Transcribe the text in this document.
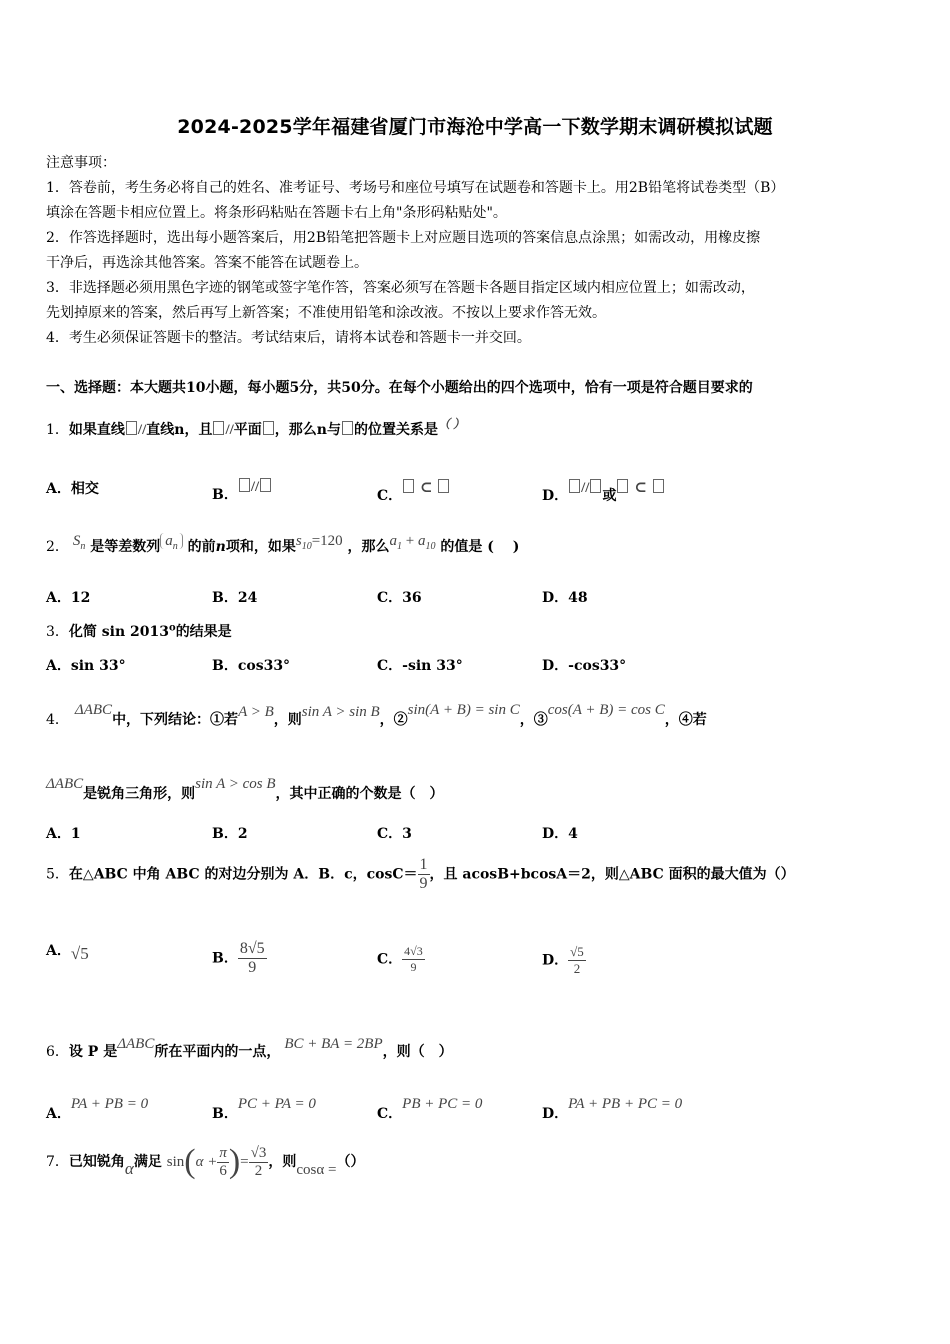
2024-2025学年福建省厦门市海沧中学高一下数学期末调研模拟试题
注意事项：
1．答卷前，考生务必将自己的姓名、准考证号、考场号和座位号填写在试题卷和答题卡上。用2B铅笔将试卷类型（B）
填涂在答题卡相应位置上。将条形码粘贴在答题卡右上角"条形码粘贴处"。
2．作答选择题时，选出每小题答案后，用2B铅笔把答题卡上对应题目选项的答案信息点涂黑；如需改动，用橡皮擦
干净后，再选涂其他答案。答案不能答在试题卷上。
3．非选择题必须用黑色字迹的钢笔或签字笔作答，答案必须写在答题卡各题目指定区域内相应位置上；如需改动，
先划掉原来的答案，然后再写上新答案；不准使用铅笔和涂改液。不按以上要求作答无效。
4．考生必须保证答题卡的整洁。考试结束后，请将本试卷和答题卡一并交回。
一、选择题：本大题共10小题，每小题5分，共50分。在每个小题给出的四个选项中，恰有一项是符合题目要求的
1．如果直线 //直线n，且 //平面 ，那么n与 的位置关系是（ ）
A．相交	B． //
C． ⊂	D． // 或 ⊂
2． $S_n$ 是等差数列 $a_n$ 的前n项和，如果$s_{10}=120$ ，那么$a_1 + a_{10}$ 的值是 (　 )
A．12	B．24	C．36	D．48
3．化简 sin 2013$^o$的结果是
A．sin 33°	B．cos33°	C．-sin 33°	D．-cos33°
4．ΔABC中，下列结论：①若A > B，则sin A > sin B，②sin(A + B) = sin C，③cos(A + B) = cos C，④若
ΔABC是锐角三角形，则sin A > cos B，其中正确的个数是（　）
A．1	B．2	C．3	D．4
5．在△ABC 中角 ABC 的对边分别为 A．B．c，$\cos C= \frac{1}{9}$ ，且 acosB+bcosA＝2，则△ABC 面积的最大值为（）
A．√5	B． $\frac{8√5}{9}$	C． $\frac{4√3}{9}$	D． $\frac{√5}{2}$
6．设 P 是ΔABC所在平面内的一点， BC + BA = 2BP，则（　）
A．PA + PB = 0
B．PC + PA = 0
C．PB + PC = 0
D．PA + PB + PC = 0
7．已知锐角α满足 $\sin(\alpha + \frac{\pi}{6}$ )= $\frac{√3}{2}$ ，则cosα =（）
